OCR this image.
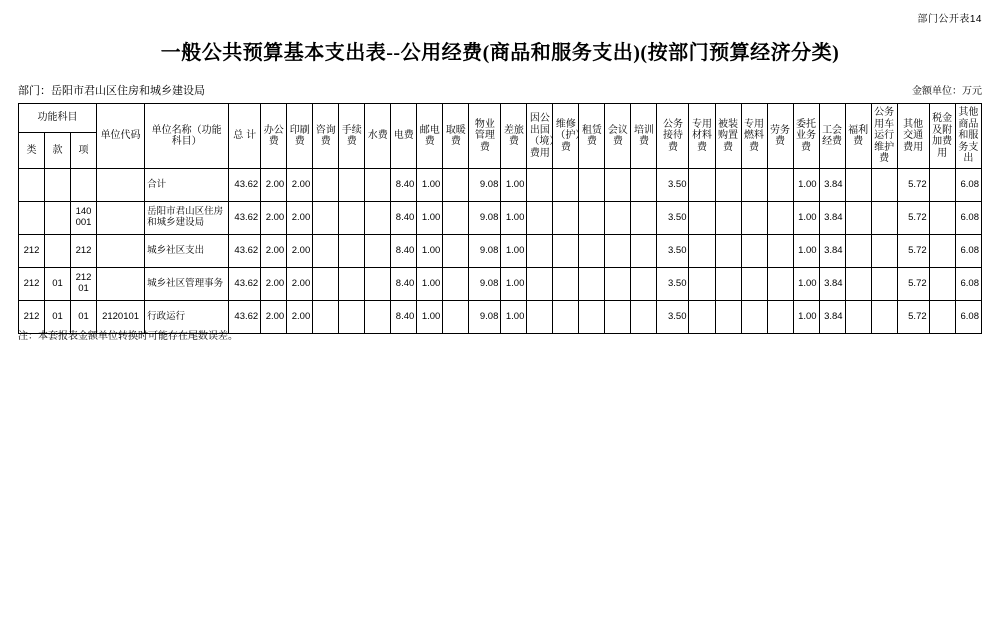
部门公开表14
一般公共预算基本支出表--公用经费(商品和服务支出)(按部门预算经济分类)
部门：岳阳市君山区住房和城乡建设局	金额单位：万元
功能科目			单位代码	单位名称（功能科目）	总 计	办公费	印刷费	咨询费	手续费	水费	电费	邮电费	取暖费	物业管理费	差旅费	因公出国（境）费用	维修（护）费	租赁费	会议费	培训费	公务接待费	专用材料费	被装购置费	专用燃料费	劳务费	委托业务费	工会经费	福利费	公务用车运行维护费	其他交通费用	税金及附加费用	其他商品和服务支出
类	款	项																														
				合计	43.62	2.00	2.00				8.40	1.00		9.08	1.00						3.50					1.00	3.84			5.72		6.08
		140001		岳阳市君山区住房和城乡建设局	43.62	2.00	2.00				8.40	1.00		9.08	1.00						3.50					1.00	3.84			5.72		6.08
212		212		城乡社区支出	43.62	2.00	2.00				8.40	1.00		9.08	1.00						3.50					1.00	3.84			5.72		6.08
212	01	21201		城乡社区管理事务	43.62	2.00	2.00				8.40	1.00		9.08	1.00						3.50					1.00	3.84			5.72		6.08
212	01	01	2120101	行政运行	43.62	2.00	2.00				8.40	1.00		9.08	1.00						3.50					1.00	3.84			5.72		6.08
注：本套报表金额单位转换时可能存在尾数误差。
